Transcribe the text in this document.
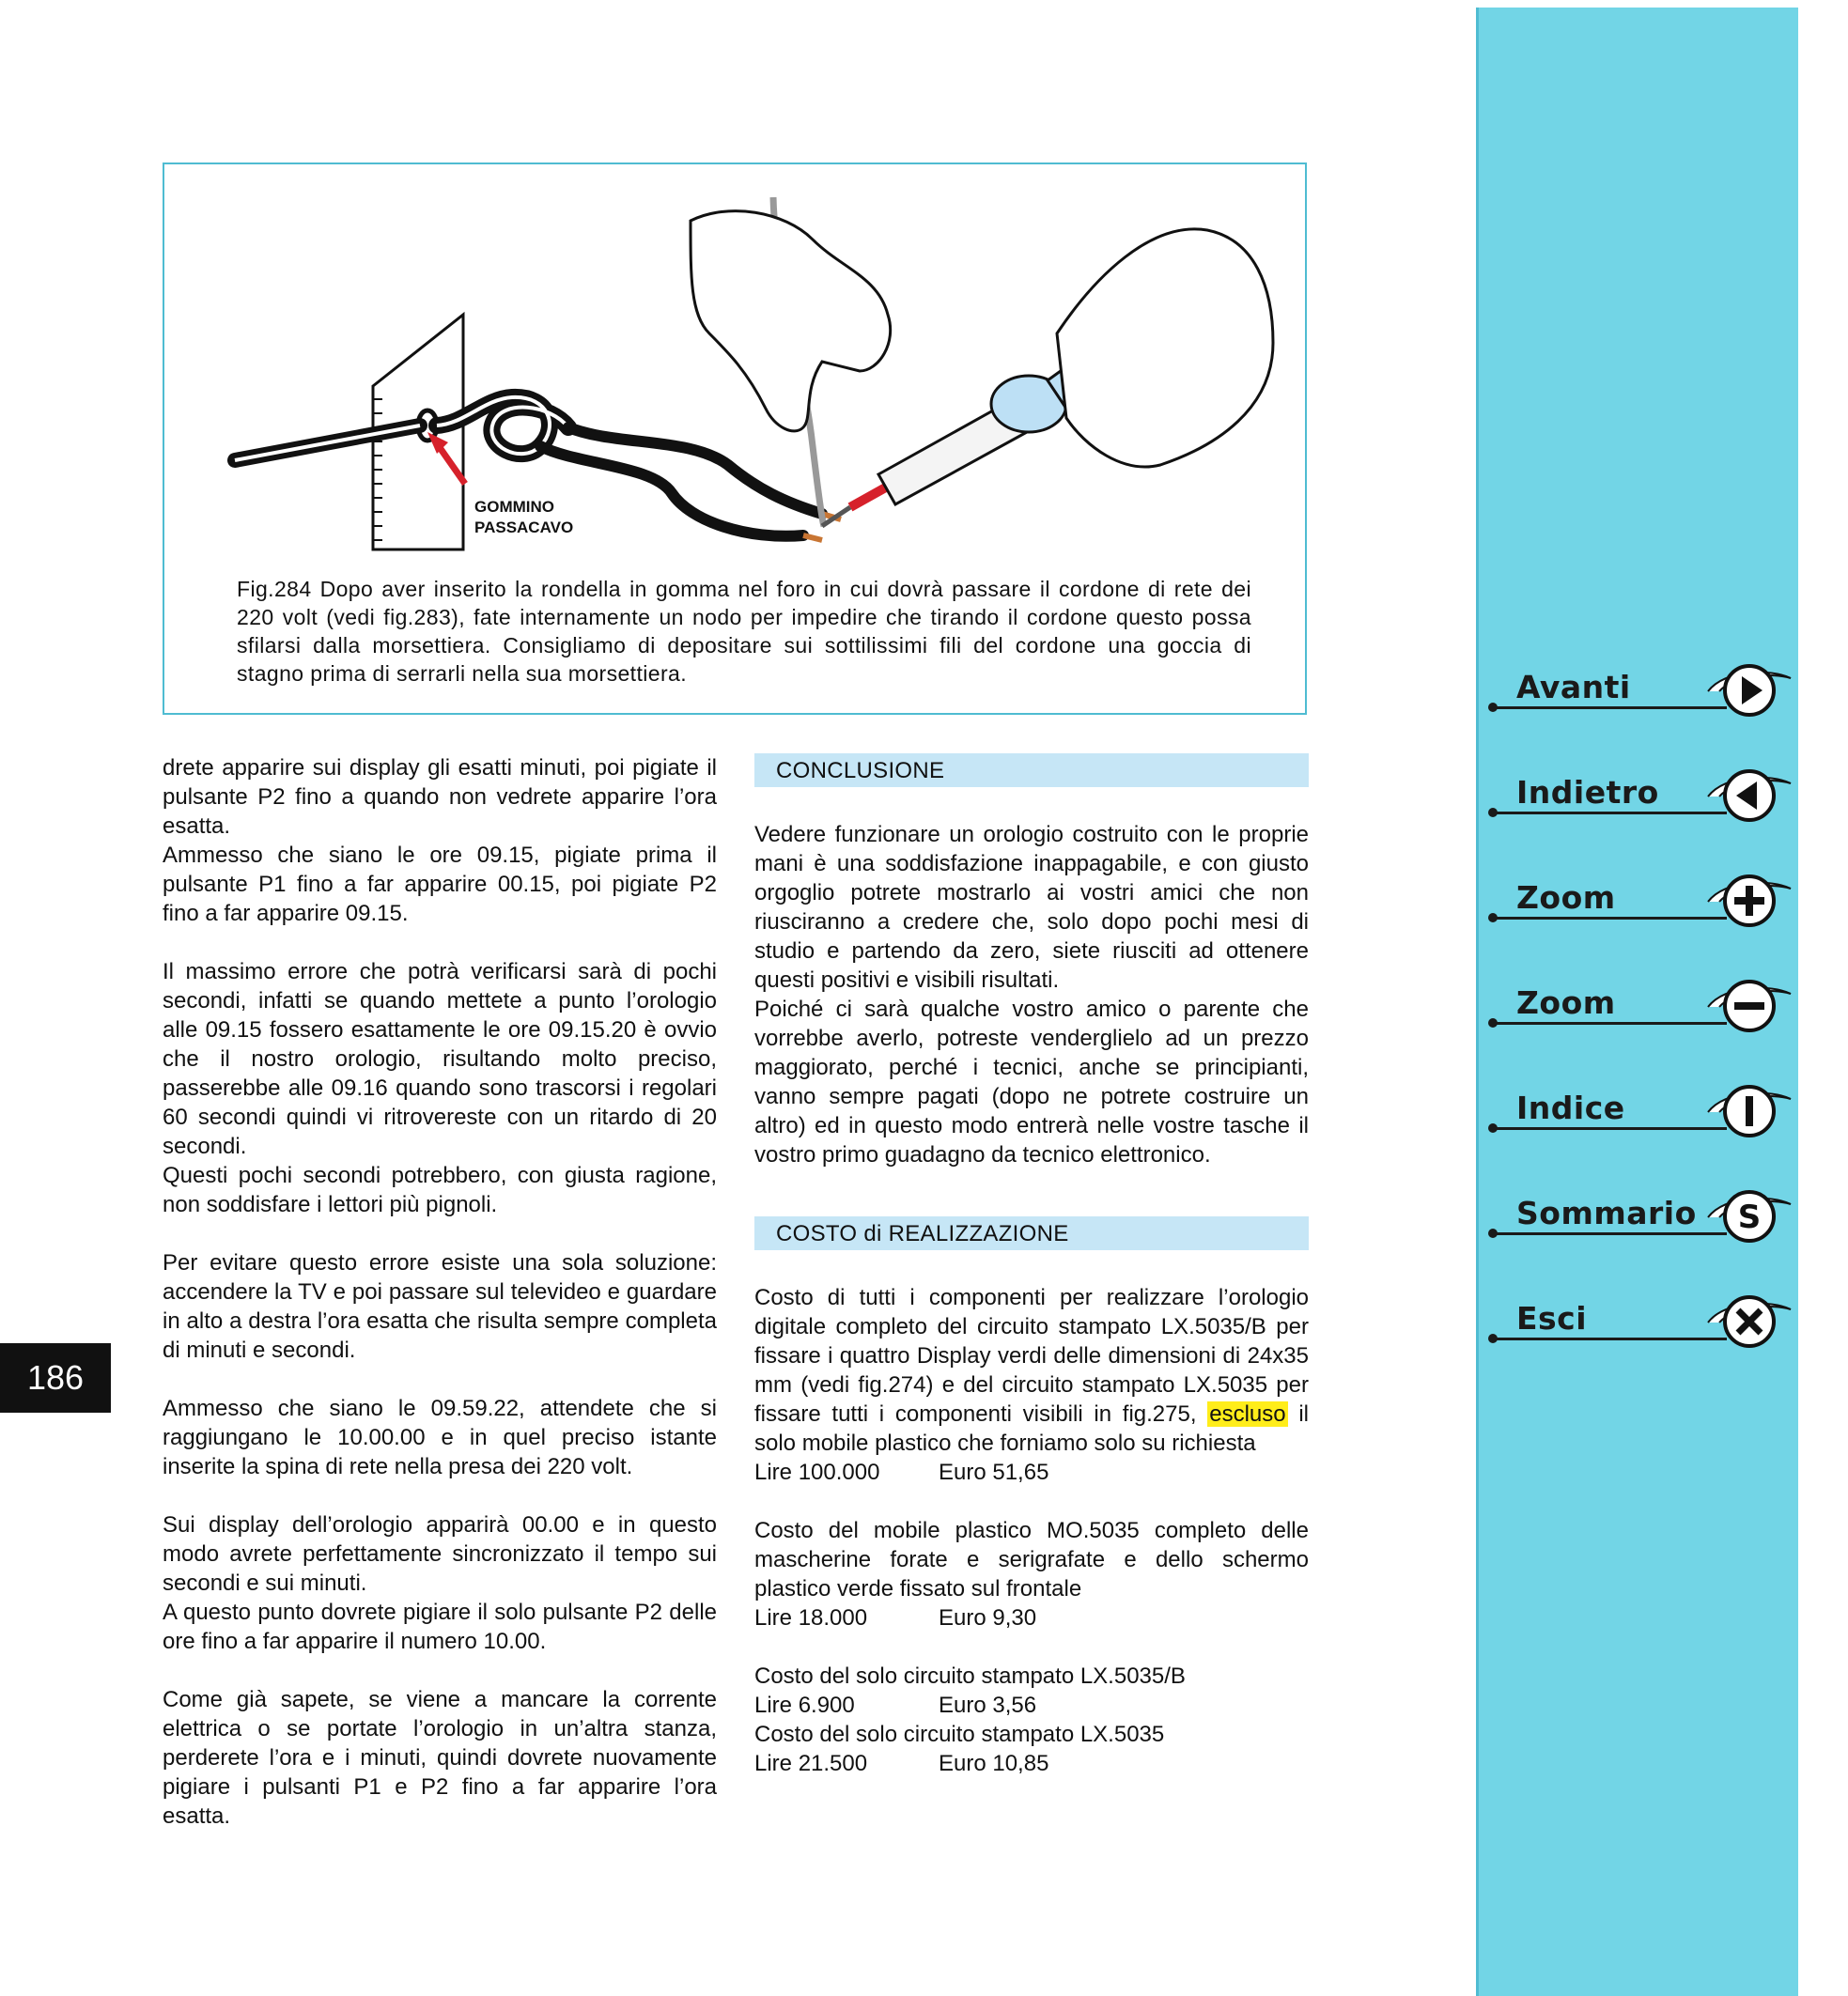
GOMMINO
PASSACAVO
Fig.284 Dopo aver inserito la rondella in gomma nel foro in cui dovrà passare il cordone di rete dei 220 volt (vedi fig.283), fate internamente un nodo per impedire che tirando il cordone questo possa sfilarsi dalla morsettiera. Consigliamo di depositare sui sottilissimi fili del cordone una goccia di stagno prima di serrarli nella sua morsettiera.

drete apparire sui display gli esatti minuti, poi pigiate il pulsante P2 fino a quando non vedrete apparire l’ora esatta.

Ammesso che siano le ore 09.15, pigiate prima il pulsante P1 fino a far apparire 00.15, poi pigiate P2 fino a far apparire 09.15.

Il massimo errore che potrà verificarsi sarà di pochi secondi, infatti se quando mettete a punto l’orologio alle 09.15 fossero esattamente le ore 09.15.20 è ovvio che il nostro orologio, risultando molto preciso, passerebbe alle 09.16 quando sono trascorsi i regolari 60 secondi quindi vi ritrovereste con un ritardo di 20 secondi.

Questi pochi secondi potrebbero, con giusta ragione, non soddisfare i lettori più pignoli.

Per evitare questo errore esiste una sola soluzione: accendere la TV e poi passare sul televideo e guardare in alto a destra l’ora esatta che risulta sempre completa di minuti e secondi.

Ammesso che siano le 09.59.22, attendete che si raggiungano le 10.00.00 e in quel preciso istante inserite la spina di rete nella presa dei 220 volt.

Sui display dell’orologio apparirà 00.00 e in questo modo avrete perfettamente sincronizzato il tempo sui secondi e sui minuti.

A questo punto dovrete pigiare il solo pulsante P2 delle ore fino a far apparire il numero 10.00.

Come già sapete, se viene a mancare la corrente elettrica o se portate l’orologio in un’altra stanza, perderete l’ora e i minuti, quindi dovrete nuovamente pigiare i pulsanti P1 e P2 fino a far apparire l’ora esatta.

CONCLUSIONE

Vedere funzionare un orologio costruito con le proprie mani è una soddisfazione inappagabile, e con giusto orgoglio potrete mostrarlo ai vostri amici che non riusciranno a credere che, solo dopo pochi mesi di studio e partendo da zero, siete riusciti ad ottenere questi positivi e visibili risultati.

Poiché ci sarà qualche vostro amico o parente che vorrebbe averlo, potreste venderglielo ad un prezzo maggiorato, perché i tecnici, anche se principianti, vanno sempre pagati (dopo ne potrete costruire un altro) ed in questo modo entrerà nelle vostre tasche il vostro primo guadagno da tecnico elettronico.

COSTO di REALIZZAZIONE

Costo di tutti i componenti per realizzare l’orologio digitale completo del circuito stampato LX.5035/B per fissare i quattro Display verdi delle dimensioni di 24x35 mm (vedi fig.274) e del circuito stampato LX.5035 per fissare tutti i componenti visibili in fig.275, escluso il solo mobile plastico che forniamo solo su richiesta

Lire 100.000	Euro 51,65

Costo del mobile plastico MO.5035 completo delle mascherine forate e serigrafate e dello schermo plastico verde fissato sul frontale

Lire 18.000	Euro 9,30

Costo del solo circuito stampato LX.5035/B

Lire 6.900	Euro 3,56

Costo del solo circuito stampato LX.5035

Lire 21.500	Euro 10,85
186
Avanti
Indietro
Zoom
Zoom
Indice
Sommario S
Esci
